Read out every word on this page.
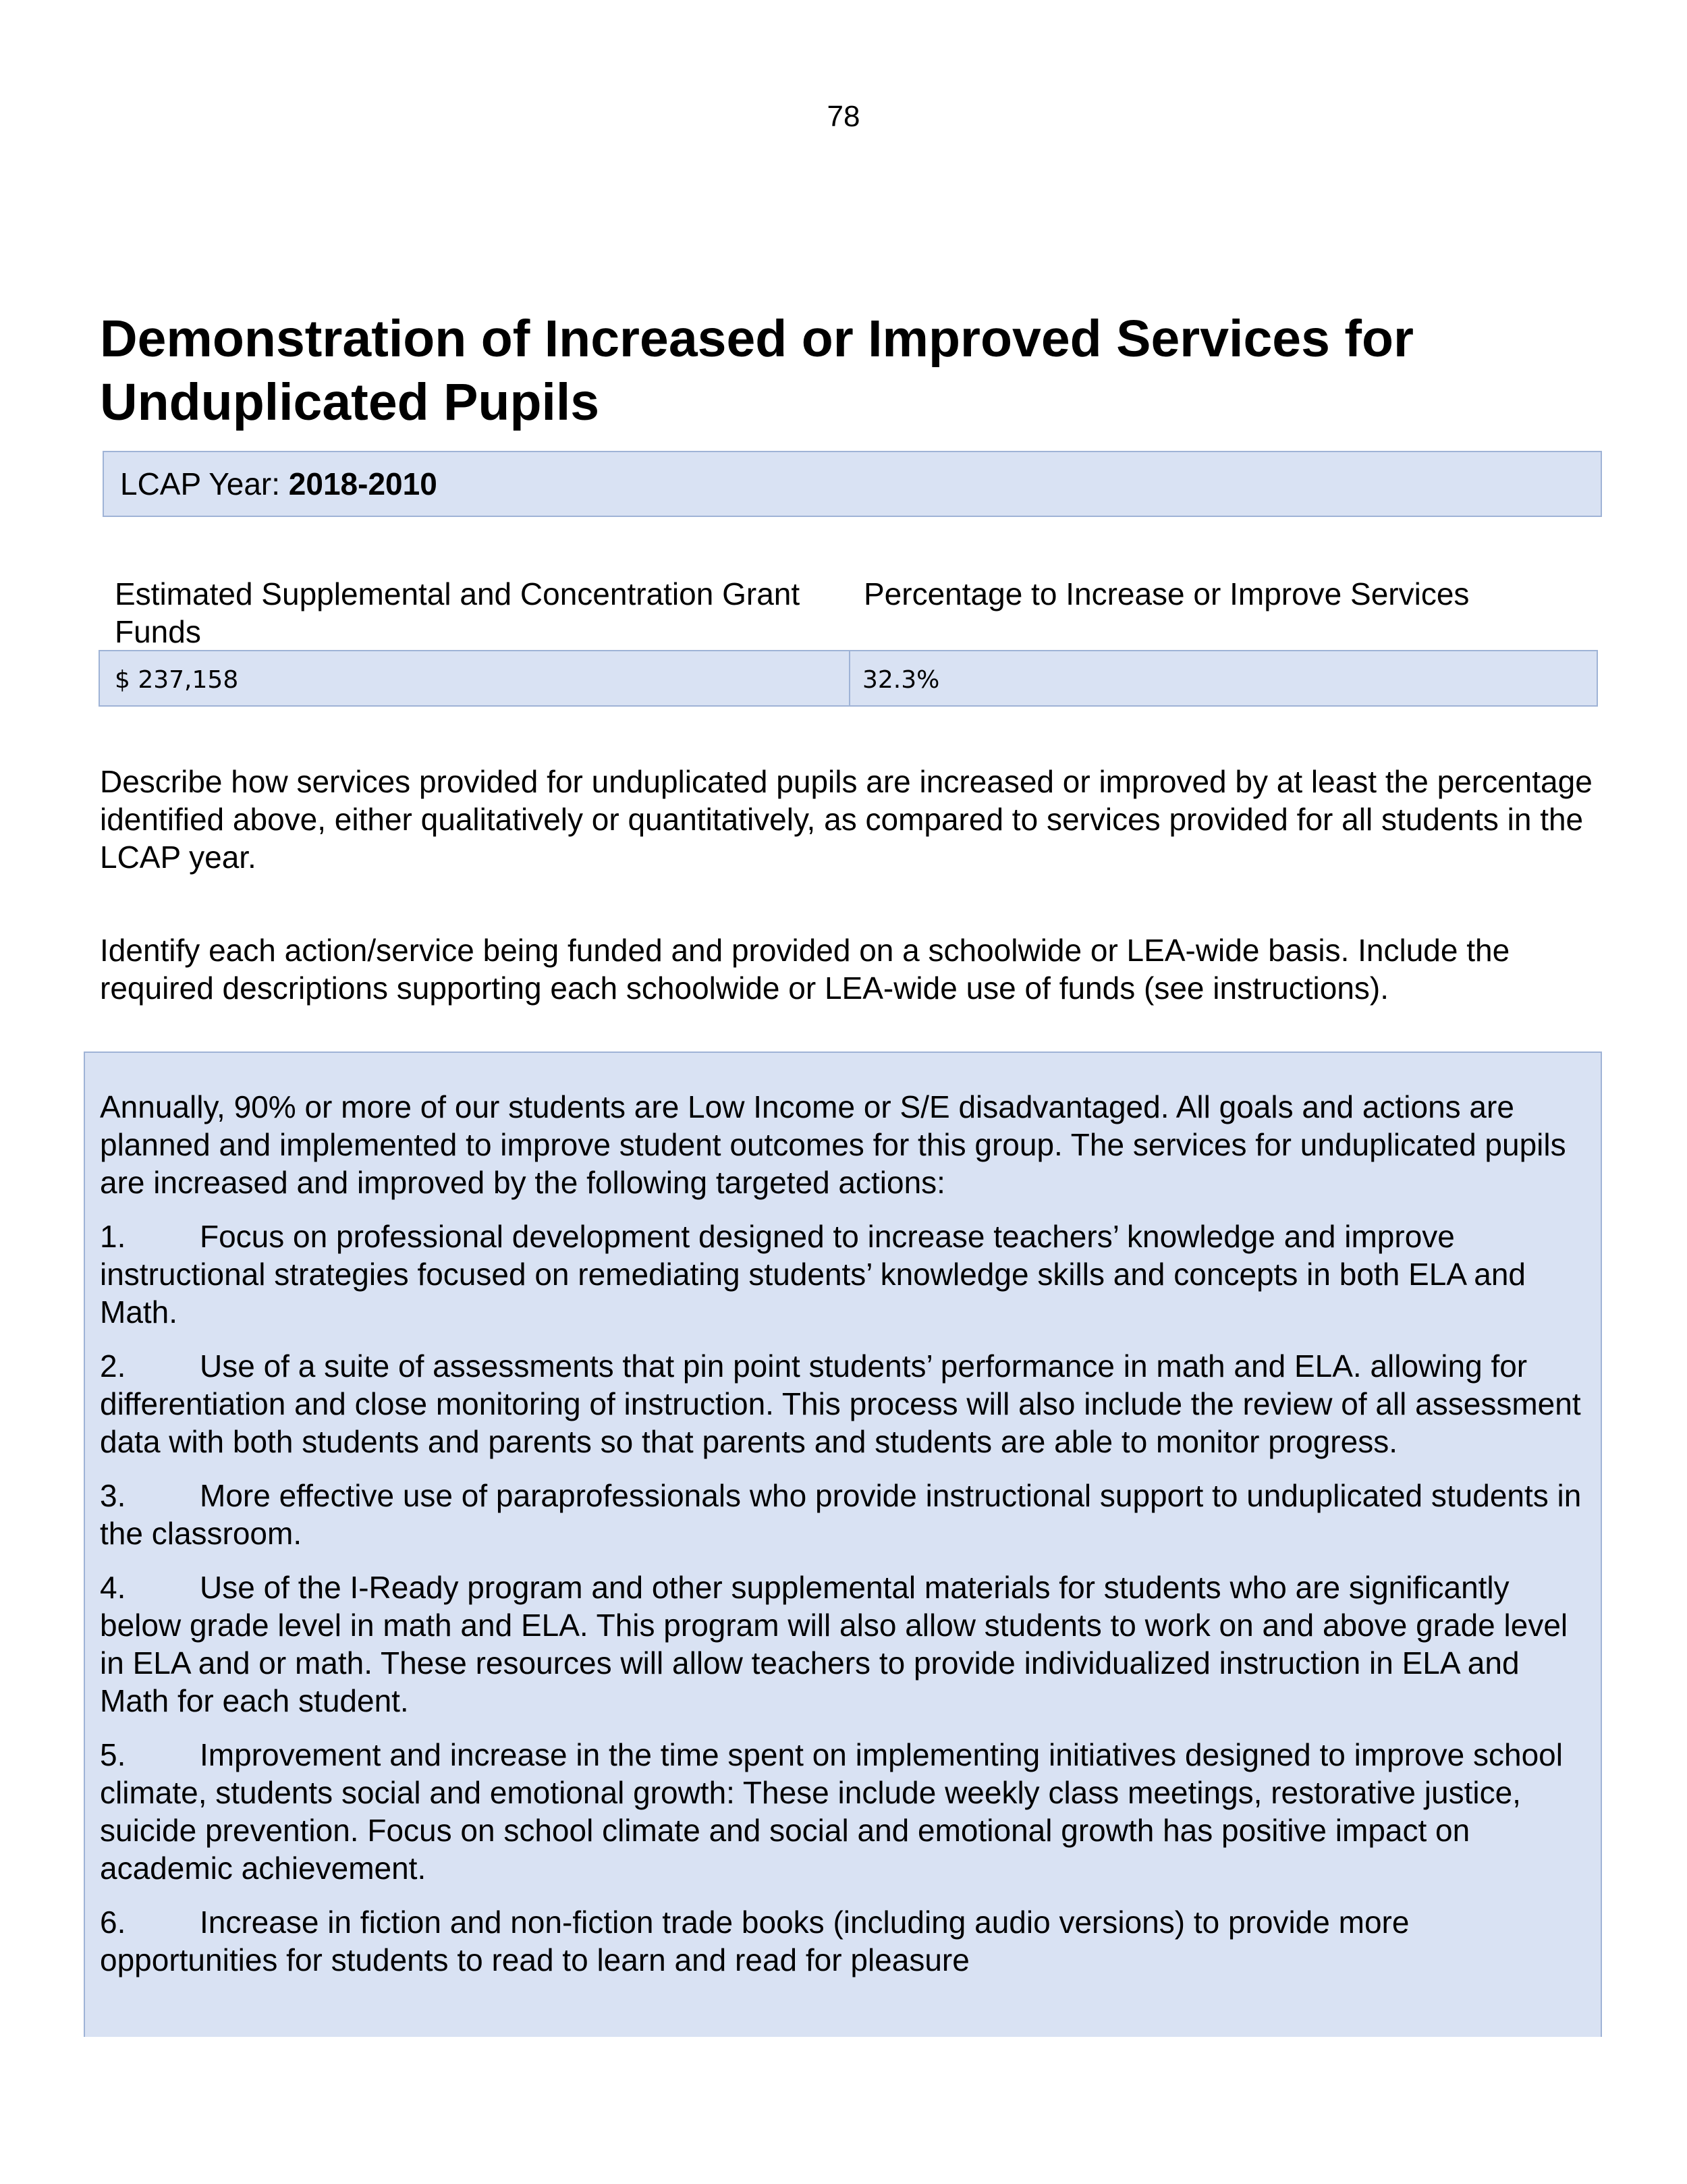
78
Demonstration of Increased or Improved Services for Unduplicated Pupils
LCAP Year: 2018-2010
Estimated Supplemental and Concentration Grant Funds
Percentage to Increase or Improve Services
$ 237,158	32.3%

Describe how services provided for unduplicated pupils are increased or improved by at least the percentage identified above, either qualitatively or quantitatively, as compared to services provided for all students in the LCAP year.

Identify each action/service being funded and provided on a schoolwide or LEA-wide basis. Include the required descriptions supporting each schoolwide or LEA-wide use of funds (see instructions).

Annually, 90% or more of our students are Low Income or S/E disadvantaged. All goals and actions are planned and implemented to improve student outcomes for this group. The services for unduplicated pupils are increased and improved by the following targeted actions:

1. Focus on professional development designed to increase teachers’ knowledge and improve instructional strategies focused on remediating students’ knowledge skills and concepts in both ELA and Math.

2. Use of a suite of assessments that pin point students’ performance in math and ELA. allowing for differentiation and close monitoring of instruction. This process will also include the review of all assessment data with both students and parents so that parents and students are able to monitor progress.

3. More effective use of paraprofessionals who provide instructional support to unduplicated students in the classroom.

4. Use of the I-Ready program and other supplemental materials for students who are significantly below grade level in math and ELA. This program will also allow students to work on and above grade level in ELA and or math. These resources will allow teachers to provide individualized instruction in ELA and Math for each student.

5. Improvement and increase in the time spent on implementing initiatives designed to improve school climate, students social and emotional growth: These include weekly class meetings, restorative justice, suicide prevention. Focus on school climate and social and emotional growth has positive impact on academic achievement.

6. Increase in fiction and non-fiction trade books (including audio versions) to provide more opportunities for students to read to learn and read for pleasure
